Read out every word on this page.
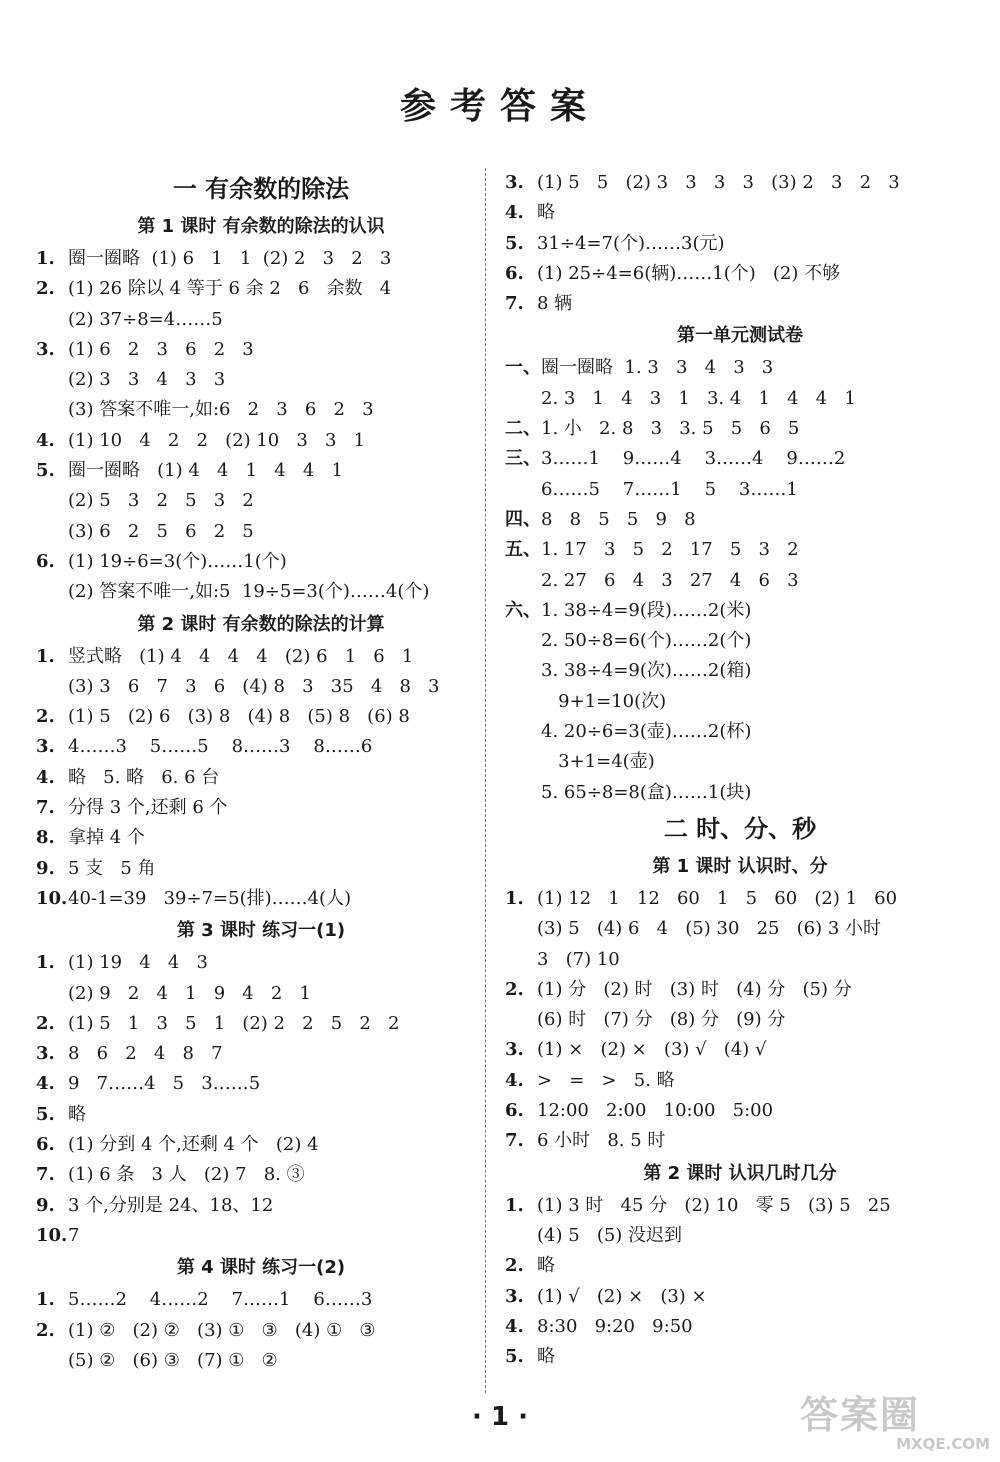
参考答案
一 有余数的除法
第 1 课时 有余数的除法的认识
1. 圈一圈略  (1) 6   1   1  (2) 2   3   2   3
2. (1) 26 除以 4 等于 6 余 2   6   余数   4
(2) 37÷8=4……5
3. (1) 6   2   3   6   2   3
(2) 3   3   4   3   3
(3) 答案不唯一,如:6   2   3   6   2   3
4. (1) 10   4   2   2   (2) 10   3   3   1
5. 圈一圈略   (1) 4   4   1   4   4   1
(2) 5   3   2   5   3   2
(3) 6   2   5   6   2   5
6. (1) 19÷6=3(个)……1(个)
(2) 答案不唯一,如:5  19÷5=3(个)……4(个)
第 2 课时 有余数的除法的计算
1. 竖式略   (1) 4   4   4   4   (2) 6   1   6   1
(3) 3   6   7   3   6   (4) 8   3   35   4   8   3
2. (1) 5   (2) 6   (3) 8   (4) 8   (5) 8   (6) 8
3. 4……3    5……5    8……3    8……6
4. 略   5. 略   6. 6 台
7. 分得 3 个,还剩 6 个
8. 拿掉 4 个
9. 5 支   5 角
10.40-1=39   39÷7=5(排)……4(人)
第 3 课时 练习一(1)
1. (1) 19   4   4   3
(2) 9   2   4   1   9   4   2   1
2. (1) 5   1   3   5   1   (2) 2   2   5   2   2
3. 8   6   2   4   8   7
4. 9   7……4   5   3……5
5. 略
6. (1) 分到 4 个,还剩 4 个   (2) 4
7. (1) 6 条   3 人   (2) 7   8. ③
9. 3 个,分别是 24、18、12
10.7
第 4 课时 练习一(2)
1. 5……2    4……2    7……1    6……3
2. (1) ②   (2) ②   (3) ①   ③   (4) ①   ③
(5) ②   (6) ③   (7) ①   ②
3. (1) 5   5   (2) 3   3   3   3   (3) 2   3   2   3
4. 略
5. 31÷4=7(个)……3(元)
6. (1) 25÷4=6(辆)……1(个)   (2) 不够
7. 8 辆
第一单元测试卷
一、圈一圈略  1. 3   3   4   3   3
2. 3   1   4   3   1   3. 4   1   4   4   1
二、1. 小   2. 8   3   3. 5   5   6   5
三、3……1    9……4    3……4    9……2
6……5    7……1    5    3……1
四、8   8   5   5   9   8
五、1. 17   3   5   2   17   5   3   2
2. 27   6   4   3   27   4   6   3
六、1. 38÷4=9(段)……2(米)
2. 50÷8=6(个)……2(个)
3. 38÷4=9(次)……2(箱)
9+1=10(次)
4. 20÷6=3(壶)……2(杯)
3+1=4(壶)
5. 65÷8=8(盒)……1(块)
二 时、分、秒
第 1 课时 认识时、分
1. (1) 12   1   12   60   1   5   60   (2) 1   60
(3) 5   (4) 6   4   (5) 30   25   (6) 3 小时
3   (7) 10
2. (1) 分   (2) 时   (3) 时   (4) 分   (5) 分
(6) 时   (7) 分   (8) 分   (9) 分
3. (1) ×   (2) ×   (3) √   (4) √
4. >   =   >   5. 略
6. 12:00   2:00   10:00   5:00
7. 6 小时   8. 5 时
第 2 课时 认识几时几分
1. (1) 3 时   45 分   (2) 10   零 5   (3) 5   25
(4) 5   (5) 没迟到
2. 略
3. (1) √   (2) ×   (3) ×
4. 8:30   9:20   9:50
5. 略
· 1 ·	答案圈
MXQE.COM
